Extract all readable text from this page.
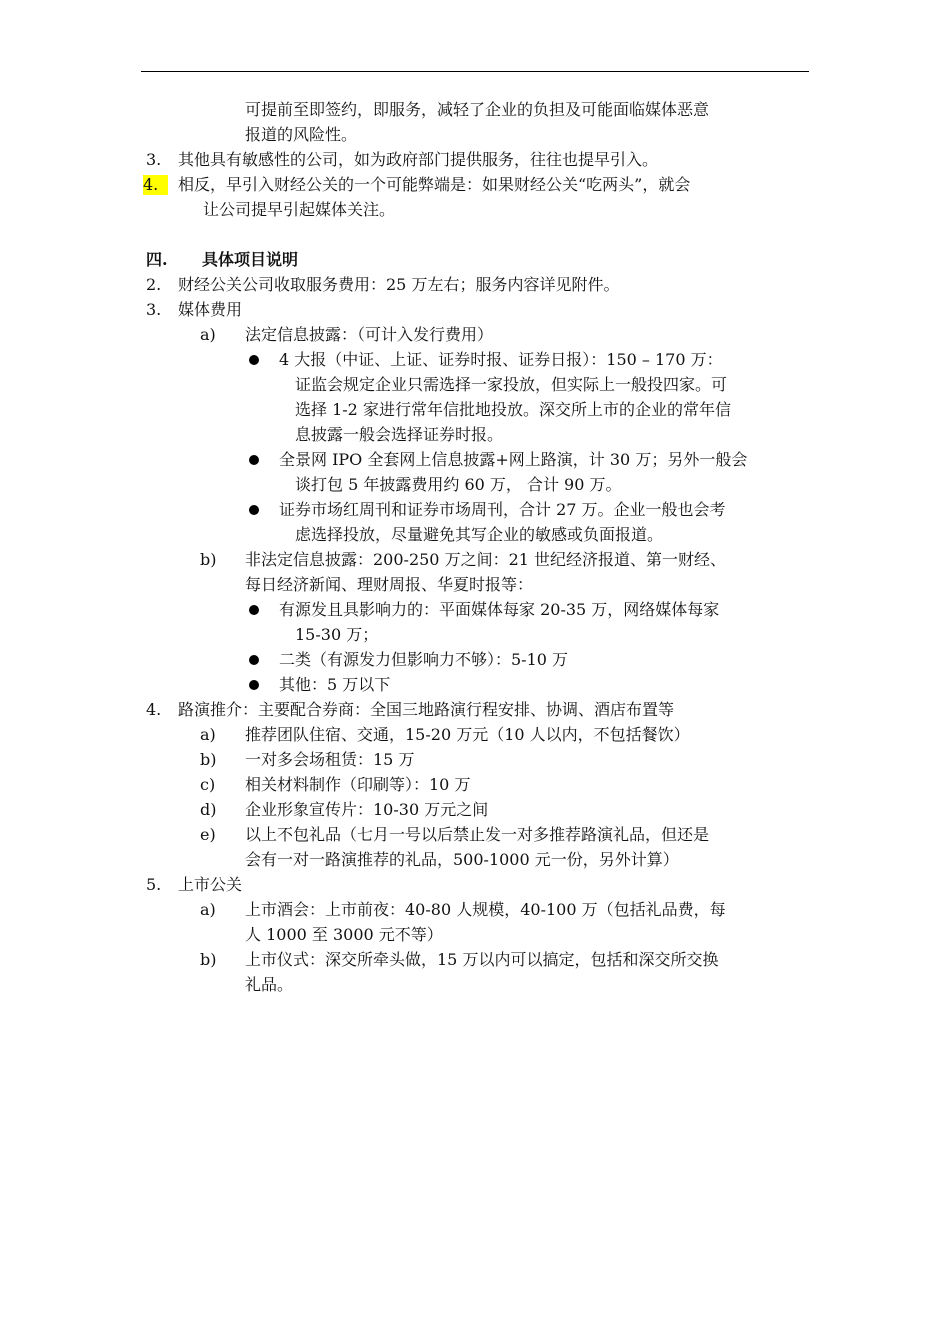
可提前至即签约，即服务，减轻了企业的负担及可能面临媒体恶意
报道的风险性。
3. 其他具有敏感性的公司，如为政府部门提供服务，往往也提早引入。
4.	相反，早引入财经公关的一个可能弊端是：如果财经公关“吃两头”，就会
让公司提早引起媒体关注。
四. 具体项目说明
2. 财经公关公司收取服务费用：25 万左右；服务内容详见附件。
3. 媒体费用
a) 法定信息披露：（可计入发行费用）
4 大报（中证、上证、证券时报、证券日报）：150 – 170 万：
证监会规定企业只需选择一家投放，但实际上一般投四家。可
选择 1-2 家进行常年信批地投放。深交所上市的企业的常年信
息披露一般会选择证券时报。
全景网 IPO 全套网上信息披露+网上路演，计 30 万；另外一般会
谈打包 5 年披露费用约 60 万， 合计 90 万。
证券市场红周刊和证券市场周刊，合计 27 万。企业一般也会考
虑选择投放，尽量避免其写企业的敏感或负面报道。
b) 非法定信息披露：200-250 万之间：21 世纪经济报道、第一财经、
每日经济新闻、理财周报、华夏时报等：
有源发且具影响力的：平面媒体每家 20-35 万，网络媒体每家
15-30 万；
二类（有源发力但影响力不够）：5-10 万
其他：5 万以下
4. 路演推介：主要配合券商：全国三地路演行程安排、协调、酒店布置等
a) 推荐团队住宿、交通，15-20 万元（10 人以内，不包括餐饮）
b) 一对多会场租赁：15 万
c) 相关材料制作（印刷等）：10 万
d) 企业形象宣传片：10-30 万元之间
e) 以上不包礼品（七月一号以后禁止发一对多推荐路演礼品，但还是
会有一对一路演推荐的礼品，500-1000 元一份，另外计算）
5. 上市公关
a) 上市酒会：上市前夜：40-80 人规模，40-100 万（包括礼品费，每
人 1000 至 3000 元不等）
b) 上市仪式：深交所牵头做，15 万以内可以搞定，包括和深交所交换
礼品。
